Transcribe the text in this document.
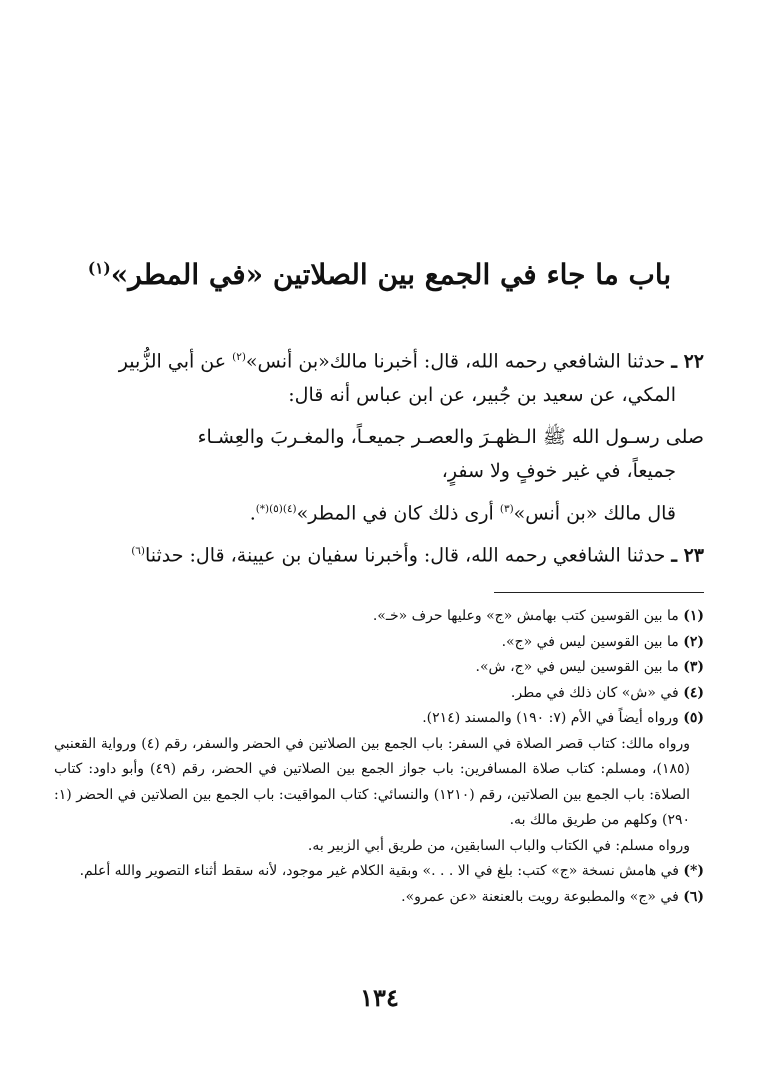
باب ما جاء في الجمع بين الصلاتين «في المطر»$^{(١)}$
٢٢ ـ حدثنا الشافعي رحمه الله، قال: أخبرنا مالك«بن أنس»$^{(٢)}$ عن أبي الزُّبير
المكي، عن سعيد بن جُبير، عن ابن عباس أنه قال:
صلى رسـول الله ﷺ الـظهـرَ والعصـر جميعـاً، والمغـربَ والعِشـاء
جميعاً، في غير خوفٍ ولا سفرٍ،
قال مالك «بن أنس»$^{(٣)}$ أرى ذلك كان في المطر»$^{(٤)(٥)(*)}$.
٢٣ ـ حدثنا الشافعي رحمه الله، قال: وأخبرنا سفيان بن عيينة، قال: حدثنا$^{(٦)}$
(١) ما بين القوسين كتب بهامش «ج» وعليها حرف «خـ».
(٢) ما بين القوسين ليس في «ج».
(٣) ما بين القوسين ليس في «ج، ش».
(٤) في «ش» كان ذلك في مطر.
(٥) ورواه أيضاً في الأم (٧: ١٩٠) والمسند (٢١٤).
ورواه مالك: كتاب قصر الصلاة في السفر: باب الجمع بين الصلاتين في الحضر والسفر، رقم (٤) ورواية القعنبي (١٨٥)، ومسلم: كتاب صلاة المسافرين: باب جواز الجمع بين الصلاتين في الحضر، رقم (٤٩) وأبو داود: كتاب الصلاة: باب الجمع بين الصلاتين، رقم (١٢١٠) والنسائي: كتاب المواقيت: باب الجمع بين الصلاتين في الحضر (١: ٢٩٠) وكلهم من طريق مالك به.
ورواه مسلم: في الكتاب والباب السابقين، من طريق أبي الزبير به.
(*) في هامش نسخة «ج» كتب: بلغ في الا . . .» وبقية الكلام غير موجود، لأنه سقط أثناء التصوير والله أعلم.
(٦) في «ج» والمطبوعة رويت بالعنعنة «عن عمرو».
١٣٤
